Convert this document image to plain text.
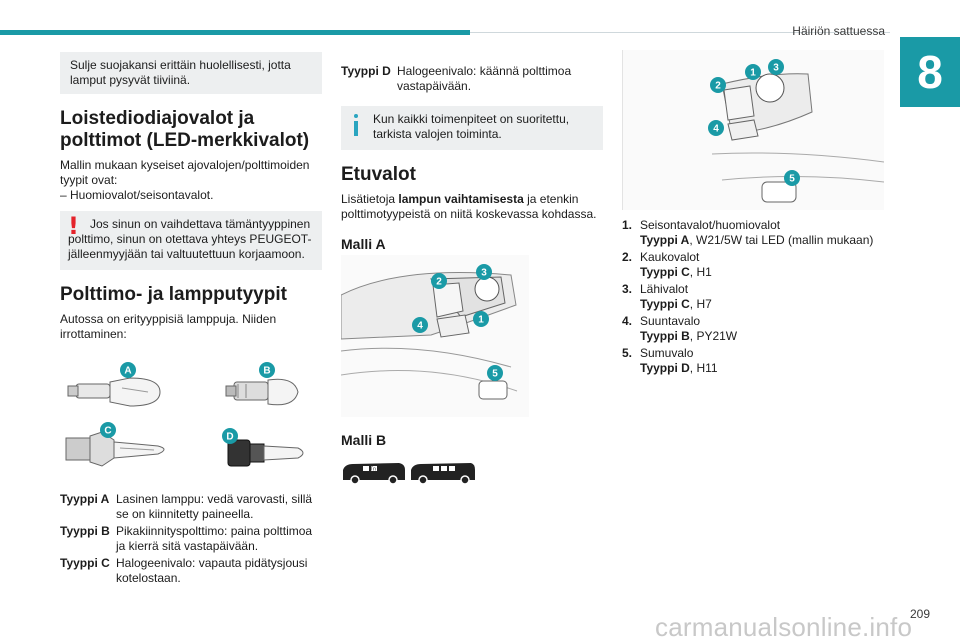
Häiriön sattuessa
8
Sulje suojakansi erittäin huolellisesti, jotta lamput pysyvät tiiviinä.
Loistediodiajovalot ja polttimot (LED-merkkivalot)

Mallin mukaan kyseiset ajovalojen/polttimoiden tyypit ovat:

– Huomiovalot/seisontavalot.

! Jos sinun on vaihdettava tämäntyyppinen polttimo, sinun on otettava yhteys PEUGEOT-jälleenmyyjään tai valtuutettuun korjaamoon.
Polttimo- ja lampputyypit

Autossa on erityyppisiä lamppuja. Niiden irrottaminen:

A	B
C
D
Tyyppi A Lasinen lamppu: vedä varovasti, sillä se on kiinnitetty paineella.
Tyyppi B Pikakiinnityspolttimo: paina polttimoa ja kierrä sitä vastapäivään.
Tyyppi C Halogeenivalo: vapauta pidätysjousi kotelostaan.
Tyyppi D Halogeenivalo: käännä polttimoa vastapäivään.
Kun kaikki toimenpiteet on suoritettu, tarkista valojen toiminta.
Etuvalot

Lisätietoja lampun vaihtamisesta ja etenkin polttimotyypeistä on niitä koskevassa kohdassa.

Malli A
1
2
3
4
5
Malli B
Tn
1
2
3
4
5
1. Seisontavalot/huomiovalot
Tyyppi A, W21/5W tai LED (mallin mukaan)
2. Kaukovalot
Tyyppi C, H1
3. Lähivalot
Tyyppi C, H7
4. Suuntavalo
Tyyppi B, PY21W
5. Sumuvalo
Tyyppi D, H11
209
carmanualsonline.info
